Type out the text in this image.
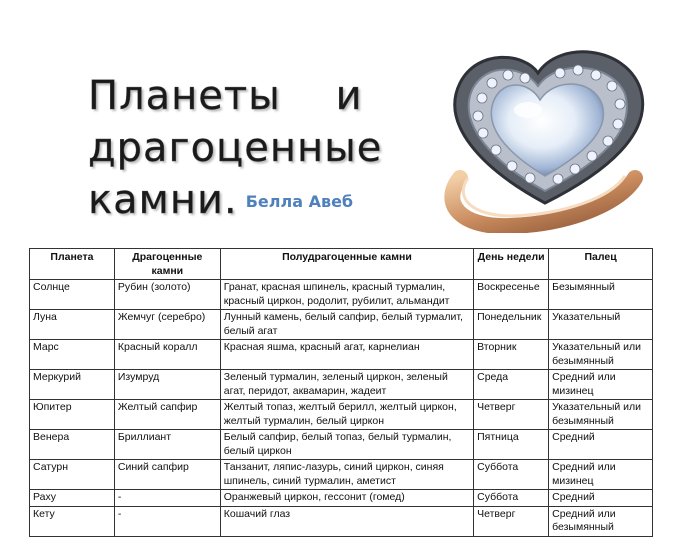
Планеты    и
драгоценные
камни. Белла Авеб
Планета	Драгоценные камни	Полудрагоценные камни	День недели	Палец
Солнце	Рубин (золото)	Гранат, красная шпинель, красный турмалин, красный циркон, родолит, рубилит, альмандит	Воскресенье	Безымянный
Луна	Жемчуг (серебро)	Лунный камень, белый сапфир, белый турмалит, белый агат	Понедельник	Указательный
Марс	Красный коралл	Красная яшма, красный агат, карнелиан	Вторник	Указательный или безымянный
Меркурий	Изумруд	Зеленый турмалин, зеленый циркон, зеленый агат, перидот, аквамарин, жадеит	Среда	Средний или мизинец
Юпитер	Желтый сапфир	Желтый топаз, желтый берилл, желтый циркон, желтый турмалин, белый циркон	Четверг	Указательный или безымянный
Венера	Бриллиант	Белый сапфир, белый топаз, белый турмалин, белый циркон	Пятница	Средний
Сатурн	Синий сапфир	Танзанит, ляпис-лазурь, синий циркон, синяя шпинель, синий турмалин, аметист	Суббота	Средний или мизинец
Раху	-	Оранжевый циркон, гессонит (гомед)	Суббота	Средний
Кету	-	Кошачий глаз	Четверг	Средний или безымянный
